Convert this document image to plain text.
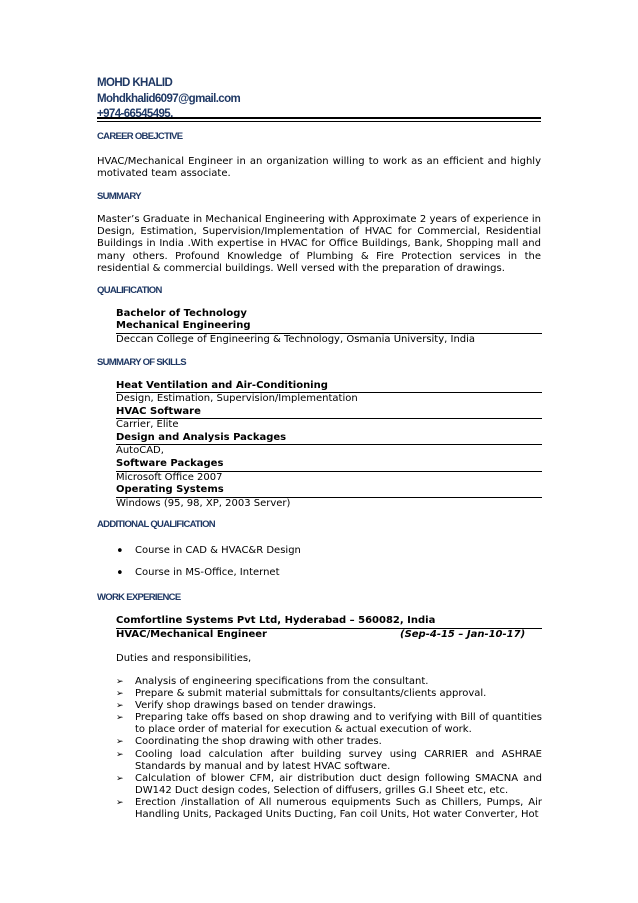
MOHD KHALID
Mohdkhalid6097@gmail.com
+974-66545495.
CAREER OBEJCTIVE
HVAC/Mechanical Engineer in an organization willing to work as an efficient and highly motivated team associate.
SUMMARY
Master’s Graduate in Mechanical Engineering with Approximate 2 years of experience in Design, Estimation, Supervision/Implementation of HVAC for Commercial, Residential Buildings in India .With expertise in HVAC for Office Buildings, Bank, Shopping mall and many others. Profound Knowledge of Plumbing & Fire Protection services in the residential & commercial buildings. Well versed with the preparation of drawings.
QUALIFICATION
Bachelor of Technology
Mechanical Engineering
Deccan College of Engineering & Technology, Osmania University, India
SUMMARY OF SKILLS
Heat Ventilation and Air-Conditioning
Design, Estimation, Supervision/Implementation
HVAC Software
Carrier, Elite
Design and Analysis Packages
AutoCAD,
Software Packages
Microsoft Office 2007
Operating Systems
Windows (95, 98, XP, 2003 Server)
ADDITIONAL QUALIFICATION
• Course in CAD & HVAC&R Design
• Course in MS-Office, Internet
WORK EXPERIENCE
Comfortline Systems Pvt Ltd, Hyderabad – 560082, India
HVAC/Mechanical Engineer	(Sep-4-15 – Jan-10-17)
Duties and responsibilities,
➢ Analysis of engineering specifications from the consultant.
➢ Prepare & submit material submittals for consultants/clients approval.
➢ Verify shop drawings based on tender drawings.
➢ Preparing take offs based on shop drawing and to verifying with Bill of quantities to place order of material for execution & actual execution of work.
➢ Coordinating the shop drawing with other trades.
➢ Cooling load calculation after building survey using CARRIER and ASHRAE Standards by manual and by latest HVAC software.
➢ Calculation of blower CFM, air distribution duct design following SMACNA and DW142 Duct design codes, Selection of diffusers, grilles G.I Sheet etc, etc.
➢ Erection /installation of All numerous equipments Such as Chillers, Pumps, Air Handling Units, Packaged Units Ducting, Fan coil Units, Hot water Converter, Hot
